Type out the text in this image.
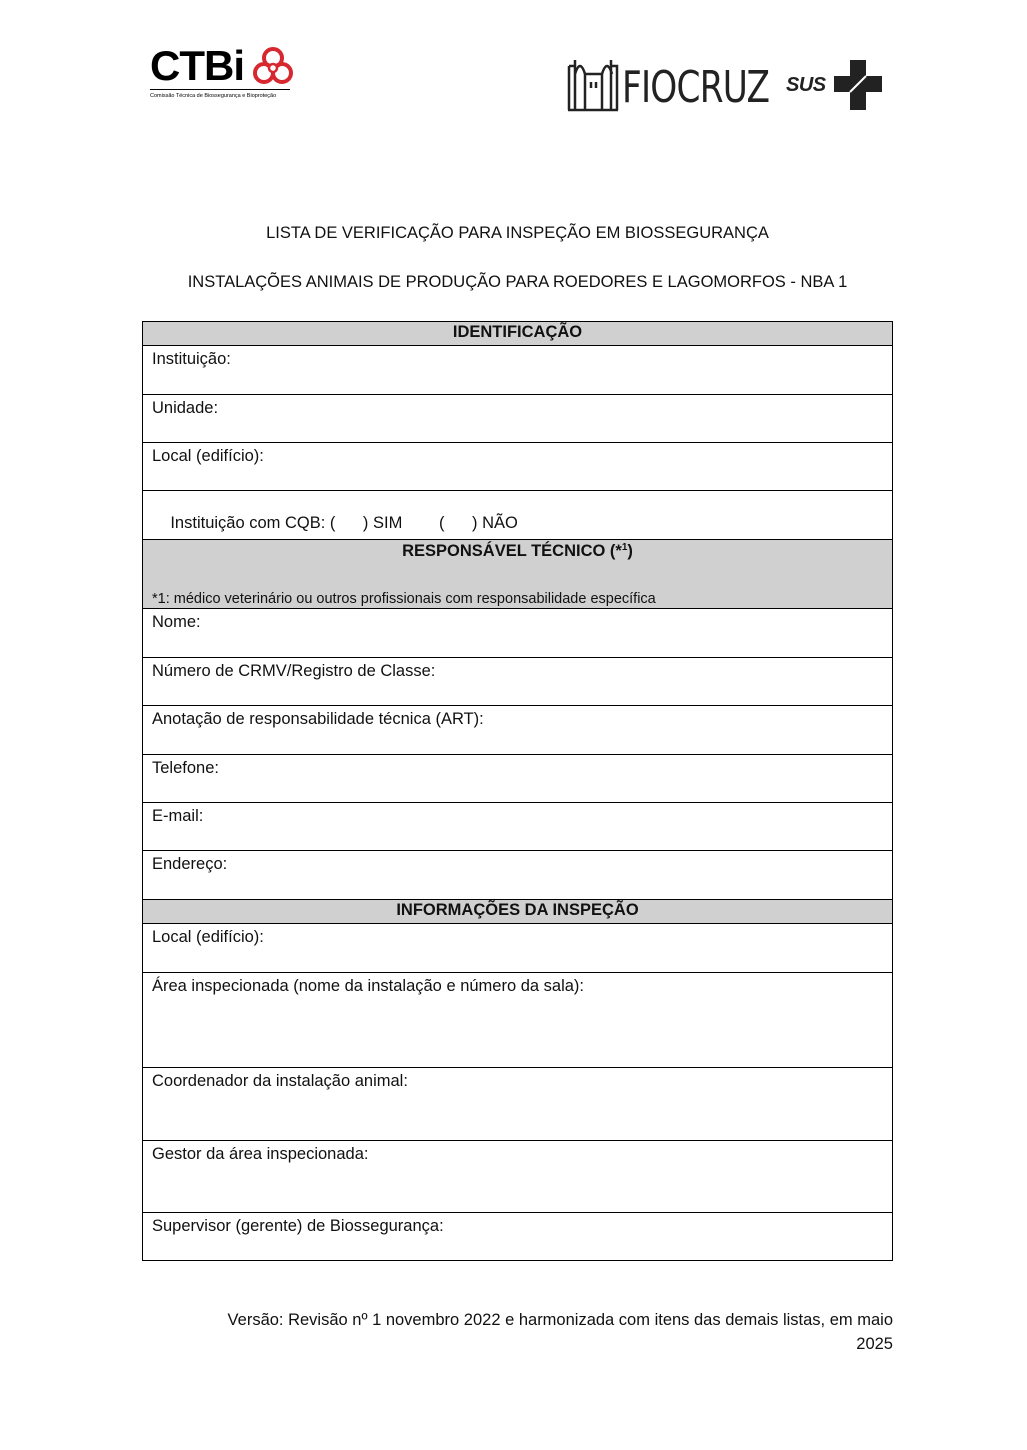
CTBi
Comissão Técnica de Biossegurança e Bioproteção	FIOCRUZ SUS
LISTA DE VERIFICAÇÃO PARA INSPEÇÃO EM BIOSSEGURANÇA
INSTALAÇÕES ANIMAIS DE PRODUÇÃO PARA ROEDORES E LAGOMORFOS - NBA 1
IDENTIFICAÇÃO
Instituição:
Unidade:
Local (edifício):

Instituição com CQB: (      ) SIM        (      ) NÃO

RESPONSÁVEL TÉCNICO (*$^1$)
*1: médico veterinário ou outros profissionais com responsabilidade específica
Nome:
Número de CRMV/Registro de Classe:
Anotação de responsabilidade técnica (ART):
Telefone:
E-mail:
Endereço:
INFORMAÇÕES DA INSPEÇÃO
Local (edifício):
Área inspecionada (nome da instalação e número da sala):
Coordenador da instalação animal:
Gestor da área inspecionada:
Supervisor (gerente) de Biossegurança:
Versão: Revisão nº 1 novembro 2022 e harmonizada com itens das demais listas, em maio
2025
